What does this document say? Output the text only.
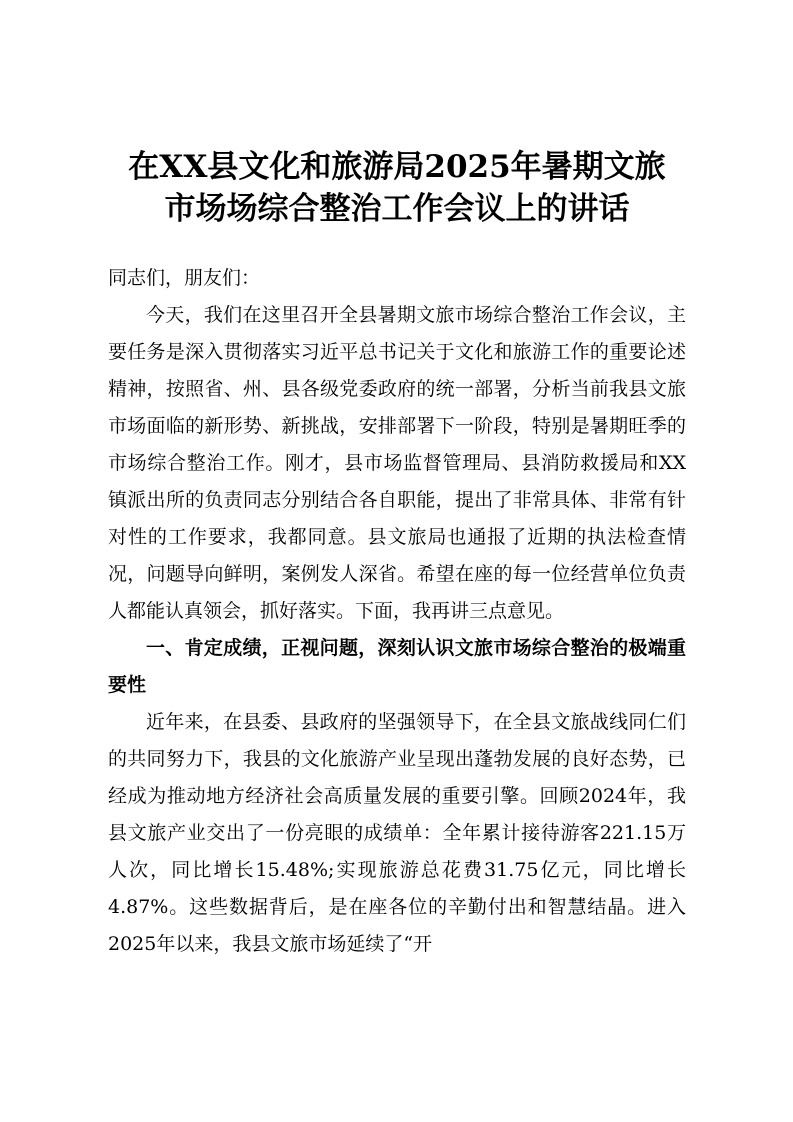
在XX县文化和旅游局2025年暑期文旅
市场场综合整治工作会议上的讲话

同志们，朋友们：

今天，我们在这里召开全县暑期文旅市场综合整治工作会议，主要任务是深入贯彻落实习近平总书记关于文化和旅游工作的重要论述精神，按照省、州、县各级党委政府的统一部署，分析当前我县文旅市场面临的新形势、新挑战，安排部署下一阶段，特别是暑期旺季的市场综合整治工作。刚才，县市场监督管理局、县消防救援局和XX镇派出所的负责同志分别结合各自职能，提出了非常具体、非常有针对性的工作要求，我都同意。县文旅局也通报了近期的执法检查情况，问题导向鲜明，案例发人深省。希望在座的每一位经营单位负责人都能认真领会，抓好落实。下面，我再讲三点意见。

一、肯定成绩，正视问题，深刻认识文旅市场综合整治的极端重要性

近年来，在县委、县政府的坚强领导下，在全县文旅战线同仁们的共同努力下，我县的文化旅游产业呈现出蓬勃发展的良好态势，已经成为推动地方经济社会高质量发展的重要引擎。回顾2024年，我县文旅产业交出了一份亮眼的成绩单：全年累计接待游客221.15万人次，同比增长15.48%;实现旅游总花费31.75亿元，同比增长4.87%。这些数据背后，是在座各位的辛勤付出和智慧结晶。进入2025年以来，我县文旅市场延续了“开
